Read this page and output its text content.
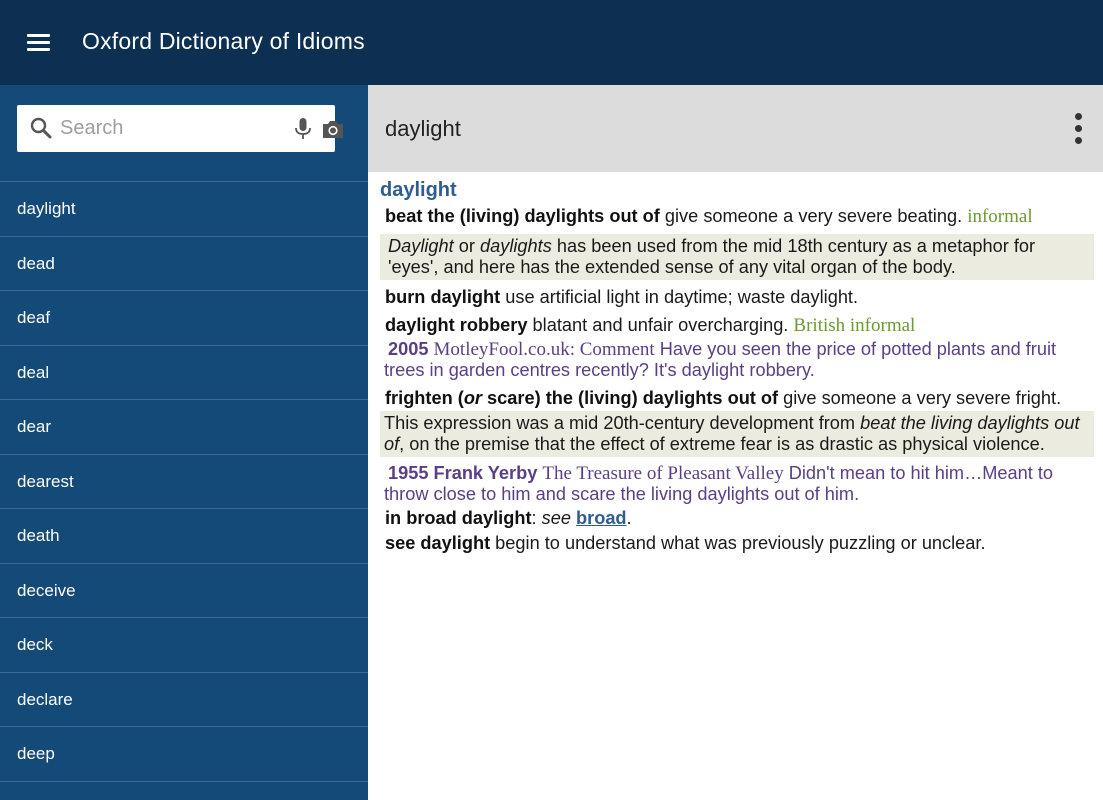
Oxford Dictionary of Idioms
Search
daylight
dead
deaf
deal
dear
dearest
death
deceive
deck
declare
deep
daylight
daylight
beat the (living) daylights out of give someone a very severe beating. informal
Daylight or daylights has been used from the mid 18th century as a metaphor for 'eyes', and here has the extended sense of any vital organ of the body.
burn daylight use artificial light in daytime; waste daylight.
daylight robbery blatant and unfair overcharging. British informal
2005 MotleyFool.co.uk: Comment Have you seen the price of potted plants and fruit trees in garden centres recently? It's daylight robbery.
frighten (or scare) the (living) daylights out of give someone a very severe fright.
This expression was a mid 20th-century development from beat the living daylights out of, on the premise that the effect of extreme fear is as drastic as physical violence.
1955 Frank Yerby The Treasure of Pleasant Valley Didn't mean to hit him…Meant to throw close to him and scare the living daylights out of him.
in broad daylight: see broad.
see daylight begin to understand what was previously puzzling or unclear.
